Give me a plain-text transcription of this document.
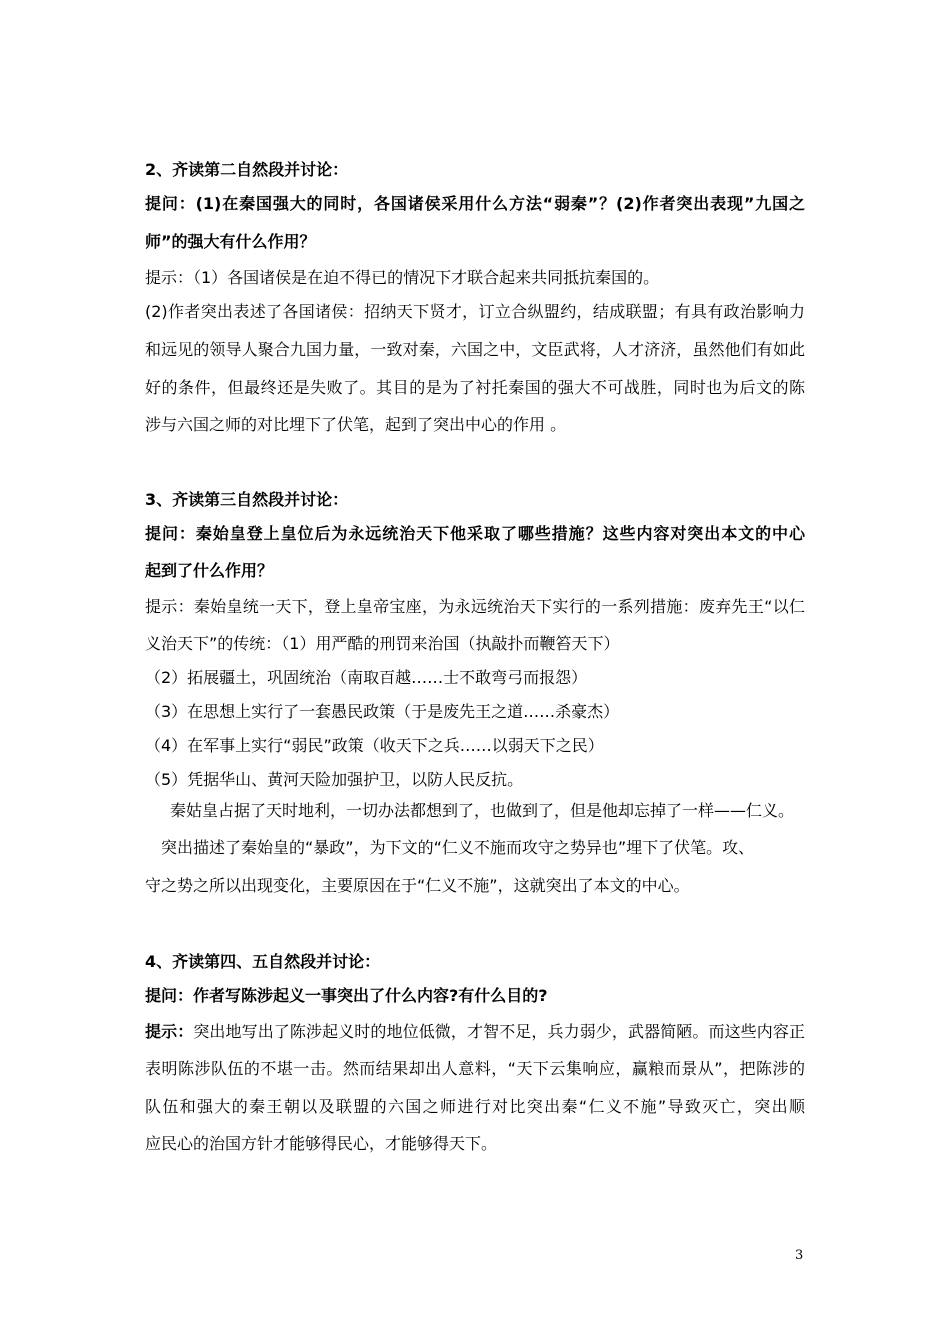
2、齐读第二自然段并讨论：
提问：(1)在秦国强大的同时，各国诸侯采用什么方法“弱秦”？(2)作者突出表现”九国之
师”的强大有什么作用？
提示：（1）各国诸侯是在迫不得已的情况下才联合起来共同抵抗秦国的。
(2)作者突出表述了各国诸侯：招纳天下贤才，订立合纵盟约，结成联盟；有具有政治影响力
和远见的领导人聚合九国力量，一致对秦，六国之中，文臣武将，人才济济，虽然他们有如此
好的条件，但最终还是失败了。其目的是为了衬托秦国的强大不可战胜，同时也为后文的陈
涉与六国之师的对比埋下了伏笔，起到了突出中心的作用 。
3、齐读第三自然段并讨论：
提问：秦始皇登上皇位后为永远统治天下他采取了哪些措施？这些内容对突出本文的中心
起到了什么作用？
提示：秦始皇统一天下，登上皇帝宝座，为永远统治天下实行的一系列措施：废弃先王“以仁
义治天下”的传统：（1）用严酷的刑罚来治国（执敲扑而鞭笞天下）
（2）拓展疆土，巩固统治（南取百越……士不敢弯弓而报怨）
（3）在思想上实行了一套愚民政策（于是废先王之道……杀豪杰）
（4）在军事上实行“弱民”政策（收天下之兵……以弱天下之民）
（5）凭据华山、黄河天险加强护卫，以防人民反抗。
秦姑皇占据了天时地利，一切办法都想到了，也做到了，但是他却忘掉了一样——仁义。
突出描述了秦始皇的“暴政”，为下文的“仁义不施而攻守之势异也”埋下了伏笔。攻、
守之势之所以出现变化，主要原因在于“仁义不施”，这就突出了本文的中心。
4、齐读第四、五自然段并讨论：
提问：作者写陈涉起义一事突出了什么内容?有什么目的?
提示：突出地写出了陈涉起义时的地位低微，才智不足，兵力弱少，武器简陋。而这些内容正
表明陈涉队伍的不堪一击。然而结果却出人意料，“天下云集响应，赢粮而景从”，把陈涉的
队伍和强大的秦王朝以及联盟的六国之师进行对比突出秦“仁义不施”导致灭亡，突出顺
应民心的治国方针才能够得民心，才能够得天下。
3
